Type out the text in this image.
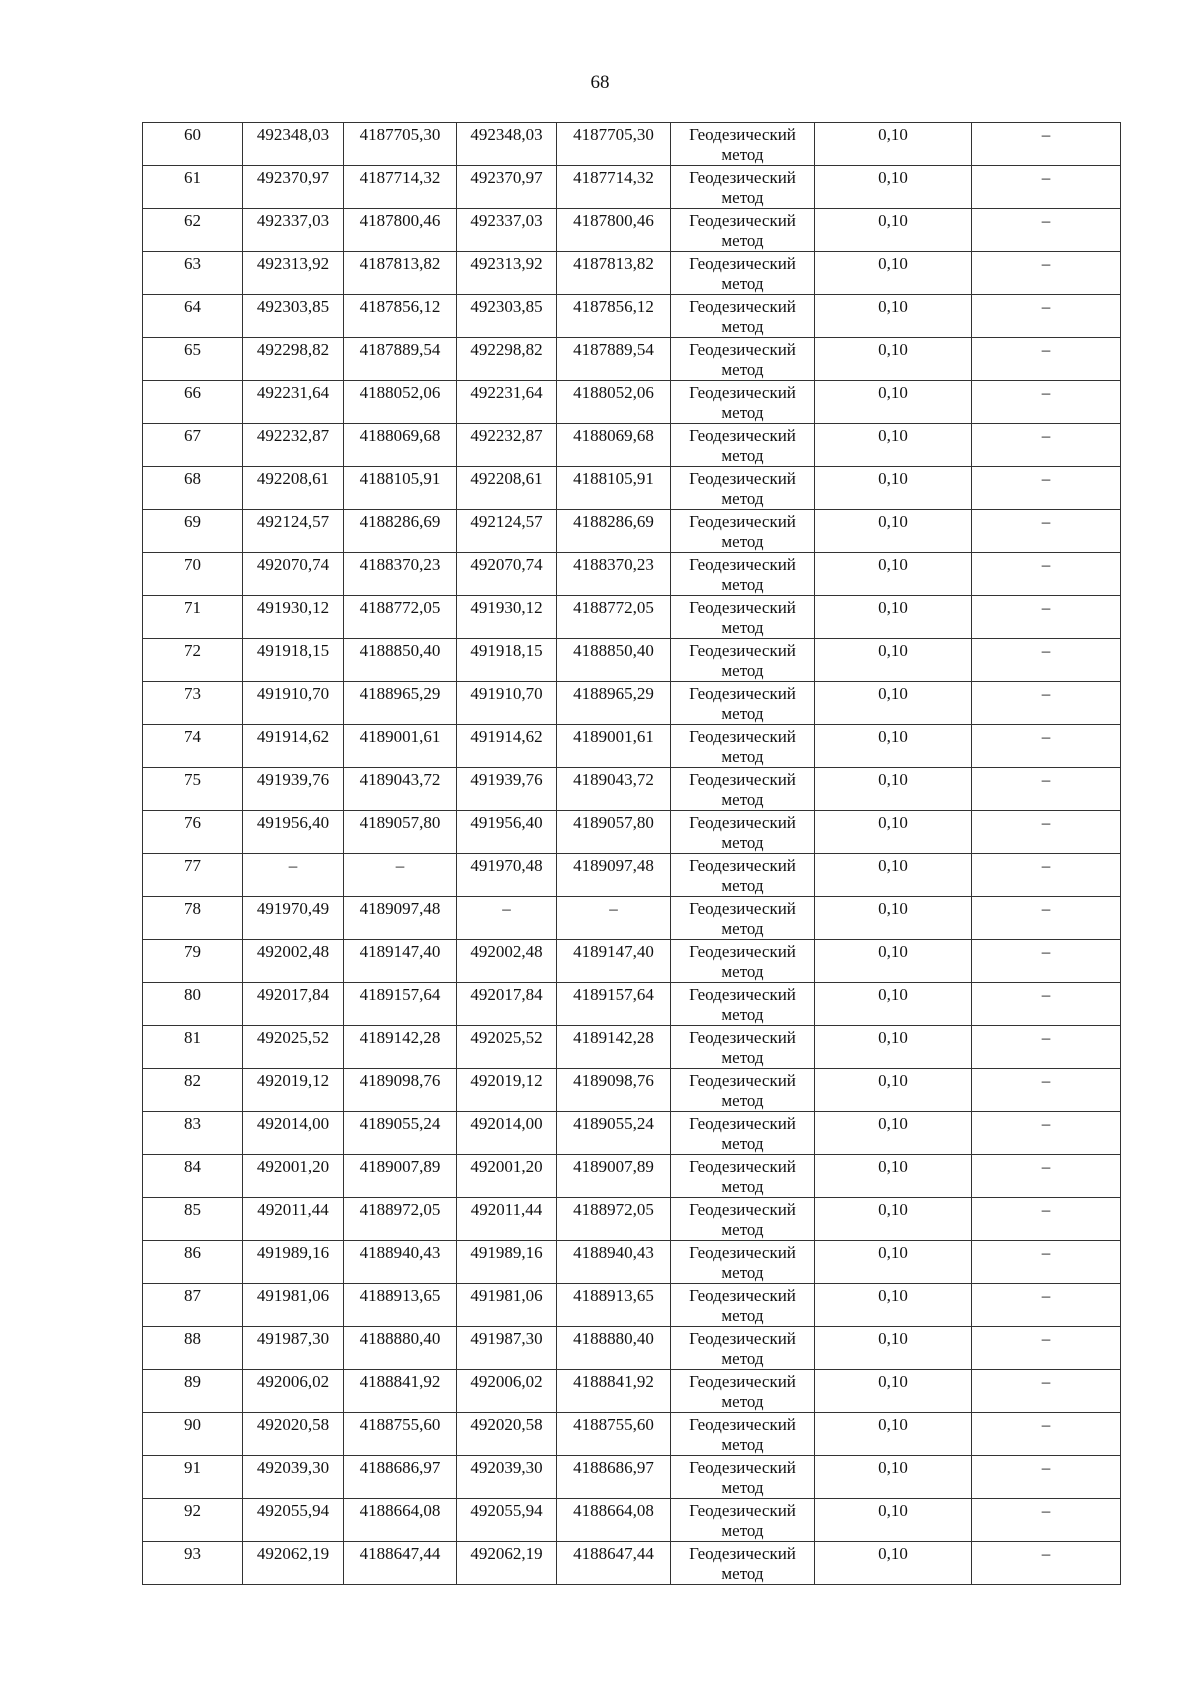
68
60	492348,03	4187705,30	492348,03	4187705,30	Геодезический метод	0,10	–
61	492370,97	4187714,32	492370,97	4187714,32	Геодезический метод	0,10	–
62	492337,03	4187800,46	492337,03	4187800,46	Геодезический метод	0,10	–
63	492313,92	4187813,82	492313,92	4187813,82	Геодезический метод	0,10	–
64	492303,85	4187856,12	492303,85	4187856,12	Геодезический метод	0,10	–
65	492298,82	4187889,54	492298,82	4187889,54	Геодезический метод	0,10	–
66	492231,64	4188052,06	492231,64	4188052,06	Геодезический метод	0,10	–
67	492232,87	4188069,68	492232,87	4188069,68	Геодезический метод	0,10	–
68	492208,61	4188105,91	492208,61	4188105,91	Геодезический метод	0,10	–
69	492124,57	4188286,69	492124,57	4188286,69	Геодезический метод	0,10	–
70	492070,74	4188370,23	492070,74	4188370,23	Геодезический метод	0,10	–
71	491930,12	4188772,05	491930,12	4188772,05	Геодезический метод	0,10	–
72	491918,15	4188850,40	491918,15	4188850,40	Геодезический метод	0,10	–
73	491910,70	4188965,29	491910,70	4188965,29	Геодезический метод	0,10	–
74	491914,62	4189001,61	491914,62	4189001,61	Геодезический метод	0,10	–
75	491939,76	4189043,72	491939,76	4189043,72	Геодезический метод	0,10	–
76	491956,40	4189057,80	491956,40	4189057,80	Геодезический метод	0,10	–
77	–	–	491970,48	4189097,48	Геодезический метод	0,10	–
78	491970,49	4189097,48	–	–	Геодезический метод	0,10	–
79	492002,48	4189147,40	492002,48	4189147,40	Геодезический метод	0,10	–
80	492017,84	4189157,64	492017,84	4189157,64	Геодезический метод	0,10	–
81	492025,52	4189142,28	492025,52	4189142,28	Геодезический метод	0,10	–
82	492019,12	4189098,76	492019,12	4189098,76	Геодезический метод	0,10	–
83	492014,00	4189055,24	492014,00	4189055,24	Геодезический метод	0,10	–
84	492001,20	4189007,89	492001,20	4189007,89	Геодезический метод	0,10	–
85	492011,44	4188972,05	492011,44	4188972,05	Геодезический метод	0,10	–
86	491989,16	4188940,43	491989,16	4188940,43	Геодезический метод	0,10	–
87	491981,06	4188913,65	491981,06	4188913,65	Геодезический метод	0,10	–
88	491987,30	4188880,40	491987,30	4188880,40	Геодезический метод	0,10	–
89	492006,02	4188841,92	492006,02	4188841,92	Геодезический метод	0,10	–
90	492020,58	4188755,60	492020,58	4188755,60	Геодезический метод	0,10	–
91	492039,30	4188686,97	492039,30	4188686,97	Геодезический метод	0,10	–
92	492055,94	4188664,08	492055,94	4188664,08	Геодезический метод	0,10	–
93	492062,19	4188647,44	492062,19	4188647,44	Геодезический метод	0,10	–
